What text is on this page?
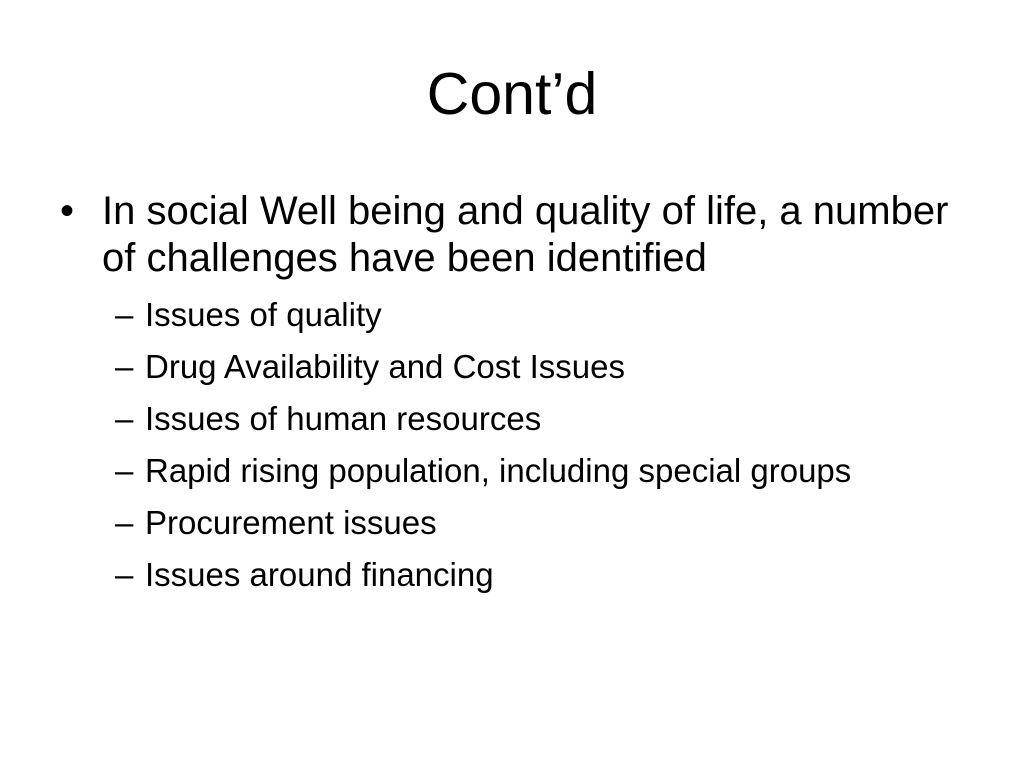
Cont’d
• In social Well being and quality of life, a number of challenges have been identified
– Issues of quality
– Drug Availability and Cost Issues
– Issues of human resources
– Rapid rising population, including special groups
– Procurement issues
– Issues around financing
